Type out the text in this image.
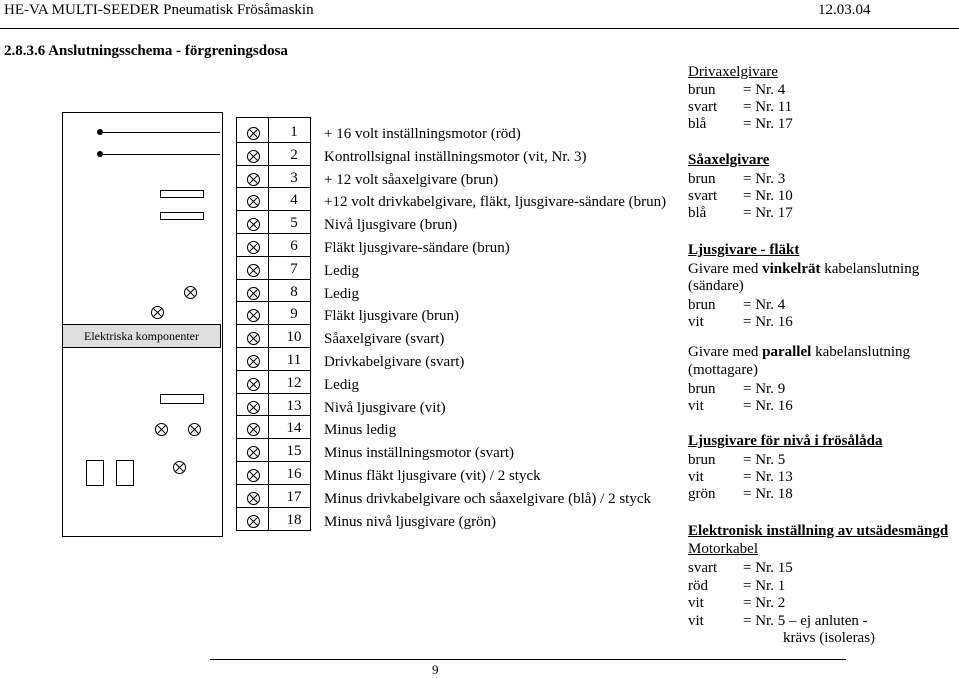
HE-VA MULTI-SEEDER Pneumatisk Frösåmaskin	12.03.04
2.8.3.6 Anslutningsschema - förgreningsdosa
Elektriska komponenter
1	+ 16 volt inställningsmotor (röd)
2	Kontrollsignal inställningsmotor (vit, Nr. 3)
3	+ 12 volt såaxelgivare (brun)
4	+12 volt drivkabelgivare, fläkt, ljusgivare-sändare (brun)
5	Nivå ljusgivare (brun)
6	Fläkt ljusgivare-sändare (brun)
7	Ledig
8	Ledig
9	Fläkt ljusgivare (brun)
10	Såaxelgivare (svart)
11	Drivkabelgivare (svart)
12	Ledig
13	Nivå ljusgivare (vit)
14	Minus ledig
15	Minus inställningsmotor (svart)
16	Minus fläkt ljusgivare (vit) / 2 styck
17	Minus drivkabelgivare och såaxelgivare (blå) / 2 styck
18	Minus nivå ljusgivare (grön)
Drivaxelgivare
brun = Nr. 4
svart = Nr. 11
blå = Nr. 17
Såaxelgivare
brun = Nr. 3
svart = Nr. 10
blå = Nr. 17
Ljusgivare - fläkt
Givare med vinkelrät kabelanslutning
(sändare)
brun = Nr. 4
vit	= Nr. 16
Givare med parallel kabelanslutning
(mottagare)
brun = Nr. 9
vit	= Nr. 16
Ljusgivare för nivå i frösålåda
brun = Nr. 5
vit	= Nr. 13
grön = Nr. 18
Elektronisk inställning av utsädesmängd
Motorkabel
svart = Nr. 15
röd = Nr. 1
vit	= Nr. 2
vit	= Nr. 5 – ej anluten -
krävs (isoleras)
9
